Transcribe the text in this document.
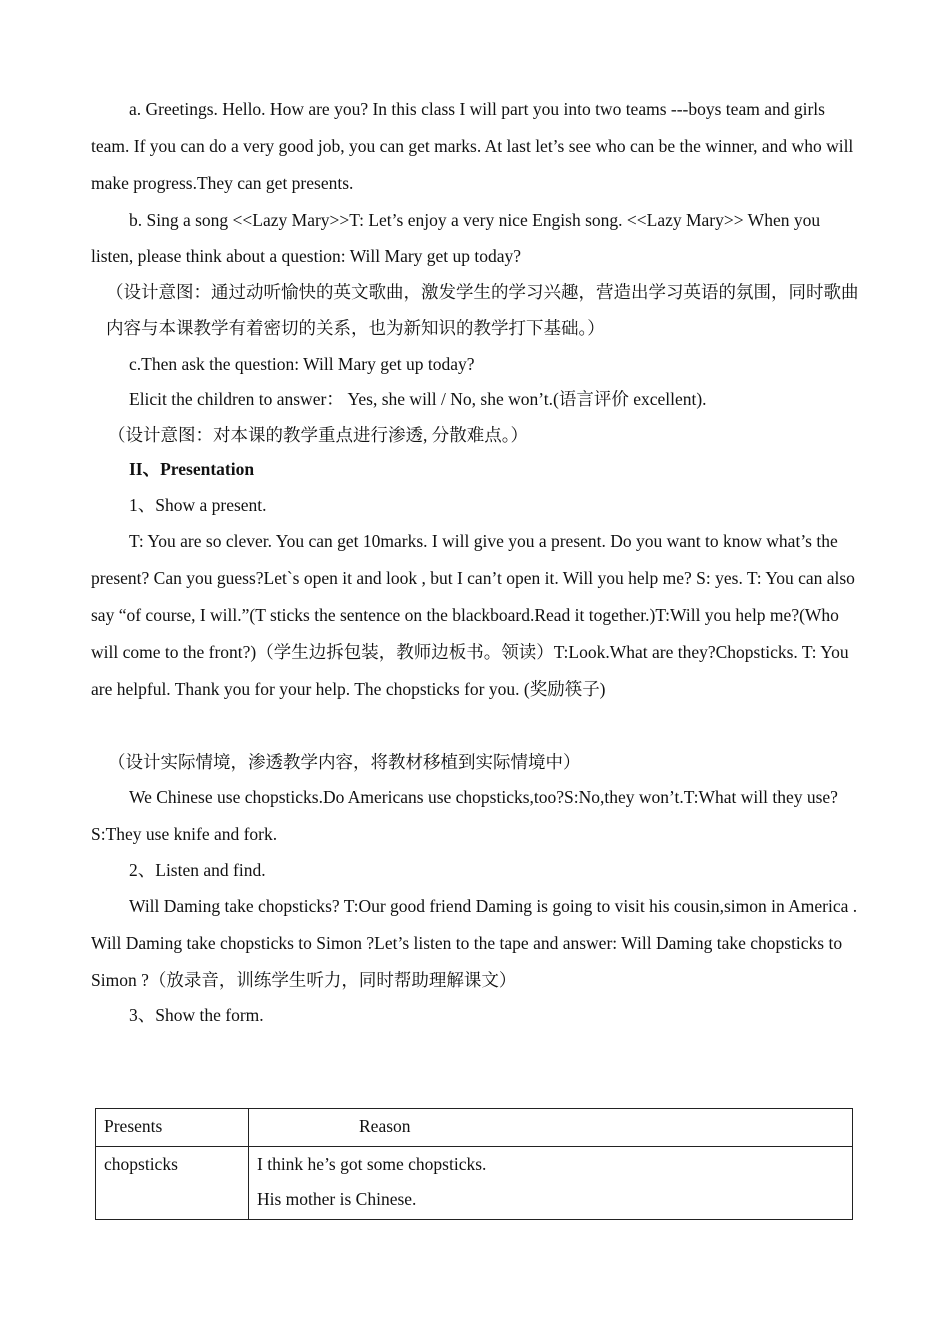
a. Greetings. Hello. How are you? In this class I will part you into two teams ---boys team and girls team. If you can do a very good job, you can get marks. At last let’s see who can be the winner, and who will make progress.They can get presents.

b. Sing a song <<Lazy Mary>>T: Let’s enjoy a very nice Engish song. <<Lazy Mary>> When you listen, please think about a question: Will Mary get up today?

（设计意图：通过动听愉快的英文歌曲，激发学生的学习兴趣，营造出学习英语的氛围，同时歌曲内容与本课教学有着密切的关系，也为新知识的教学打下基础。）

c.Then ask the question: Will Mary get up today?

Elicit the children to answer： Yes, she will / No, she won’t.(语言评价 excellent).

（设计意图：对本课的教学重点进行渗透, 分散难点。）

II、Presentation

1、Show a present.

T: You are so clever. You can get 10marks. I will give you a present. Do you want to know what’s the present? Can you guess?Let`s open it and look , but I can’t open it. Will you help me? S: yes. T: You can also say “of course, I will.”(T sticks the sentence on the blackboard.Read it together.)T:Will you help me?(Who will come to the front?)（学生边拆包装，教师边板书。领读）T:Look.What are they?Chopsticks. T: You are helpful. Thank you for your help. The chopsticks for you. (奖励筷子)

（设计实际情境，渗透教学内容，将教材移植到实际情境中）

We Chinese use chopsticks.Do Americans use chopsticks,too?S:No,they won’t.T:What will they use?S:They use knife and fork.

2、Listen and find.

Will Daming take chopsticks? T:Our good friend Daming is going to visit his cousin,simon in America . Will Daming take chopsticks to Simon ?Let’s listen to the tape and answer: Will Daming take chopsticks to Simon ?（放录音，训练学生听力，同时帮助理解课文）

3、Show the form.

Presents	Reason

chopsticks	I think he’s got some chopsticks.
His mother is Chinese.
